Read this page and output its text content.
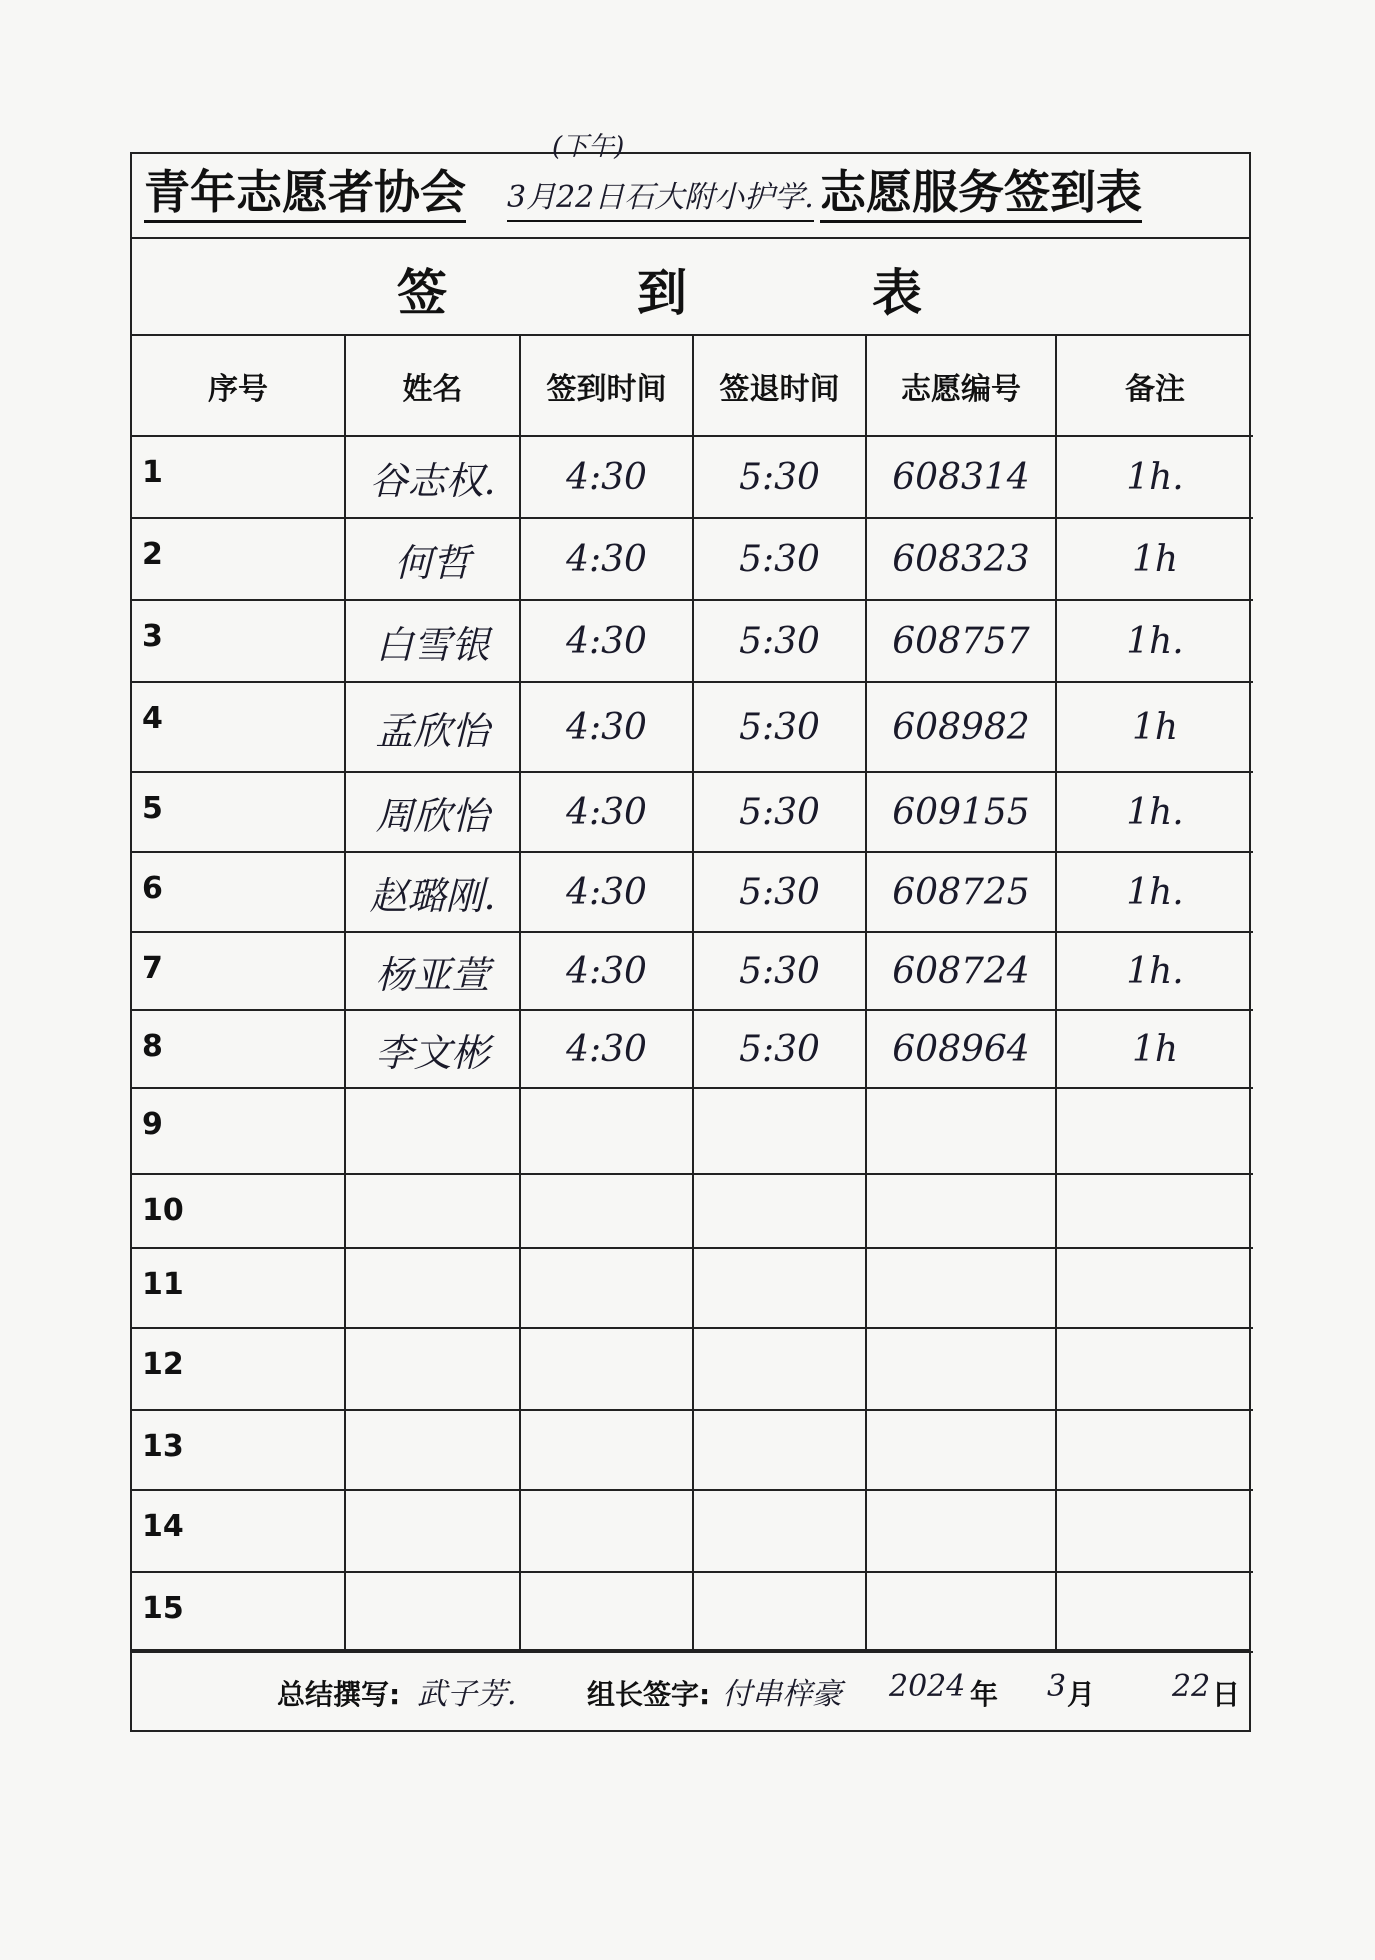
青年志愿者协会
(下午)
3月22日石大附小护学. 志愿服务签到表
签	到	表
序号	姓名	签到时间	签退时间	志愿编号	备注
1	谷志权.	4:30	5:30	608314	1h.
2	何哲	4:30	5:30	608323	1h
3	白雪银	4:30	5:30	608757	1h.
4	孟欣怡	4:30	5:30	608982	1h
5	周欣怡	4:30	5:30	609155	1h.
6	赵璐刚.	4:30	5:30	608725	1h.
7	杨亚萱	4:30	5:30	608724	1h.
8	李文彬	4:30	5:30	608964	1h
9					
10					
11					
12					
13					
14					
15					
总结撰写: 武子芳.	组长签字: 付串梓豪 2024 年 3 月	22 日
